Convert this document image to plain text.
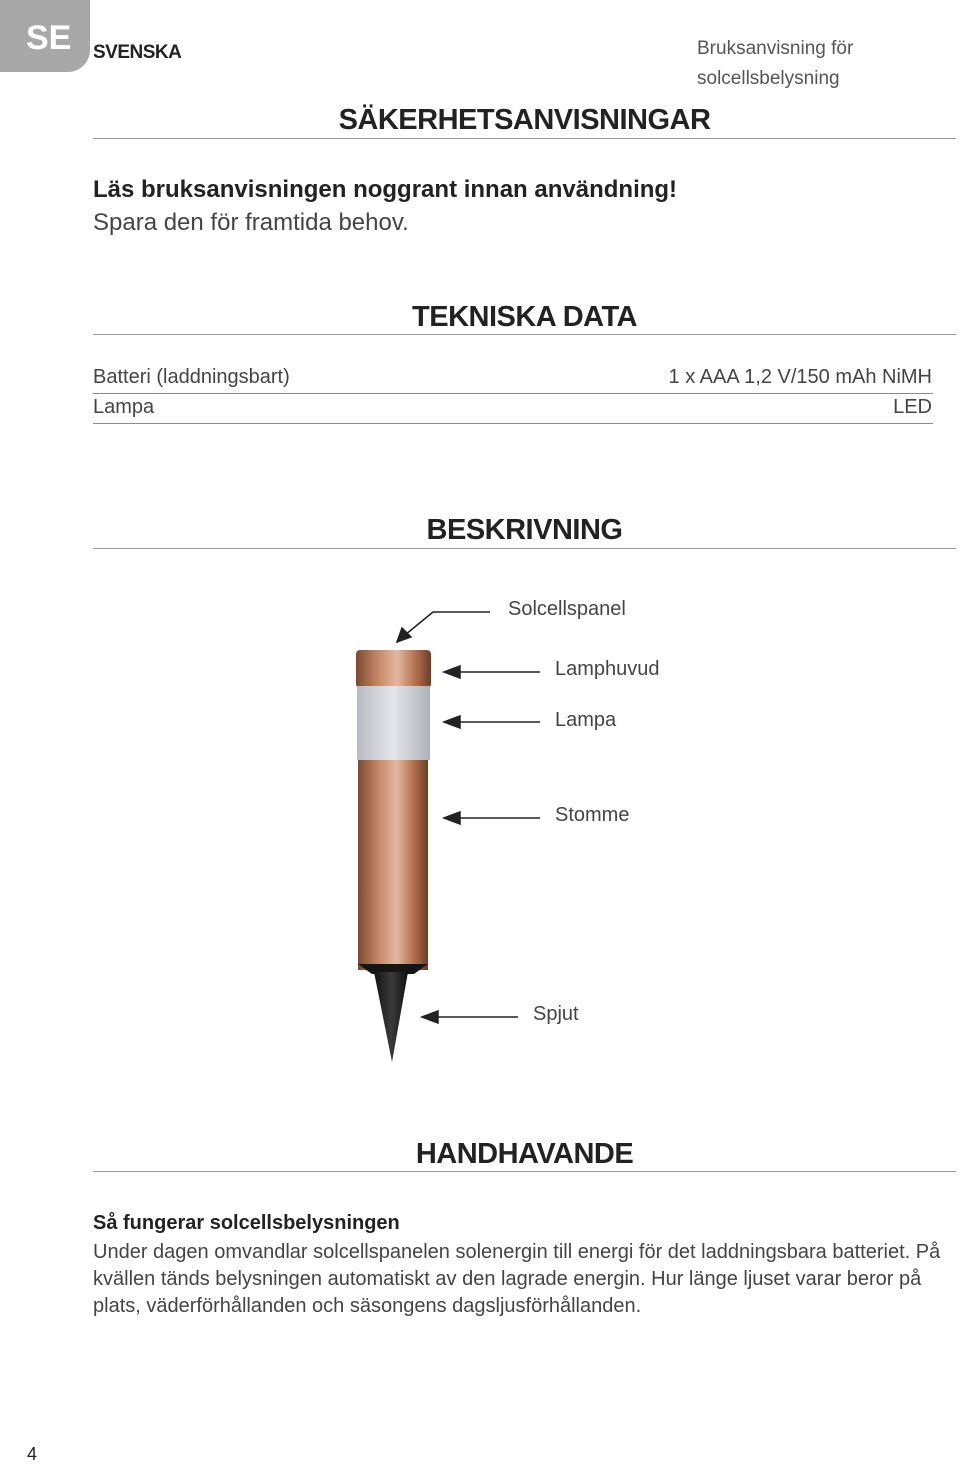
SE	SVENSKA	Bruksanvisning för
solcellsbelysning
SÄKERHETSANVISNINGAR
Läs bruksanvisningen noggrant innan användning!
Spara den för framtida behov.
TEKNISKA DATA
Batteri (laddningsbart)	1 x AAA 1,2 V/150 mAh NiMH
Lampa	LED
BESKRIVNING
Solcellspanel
Lamphuvud
Lampa
Stomme
Spjut
HANDHAVANDE
Så fungerar solcellsbelysningen
Under dagen omvandlar solcellspanelen solenergin till energi för det laddningsbara batteriet. På kvällen tänds belysningen automatiskt av den lagrade energin. Hur länge ljuset varar beror på plats, väderförhållanden och säsongens dagsljusförhållanden.
4
